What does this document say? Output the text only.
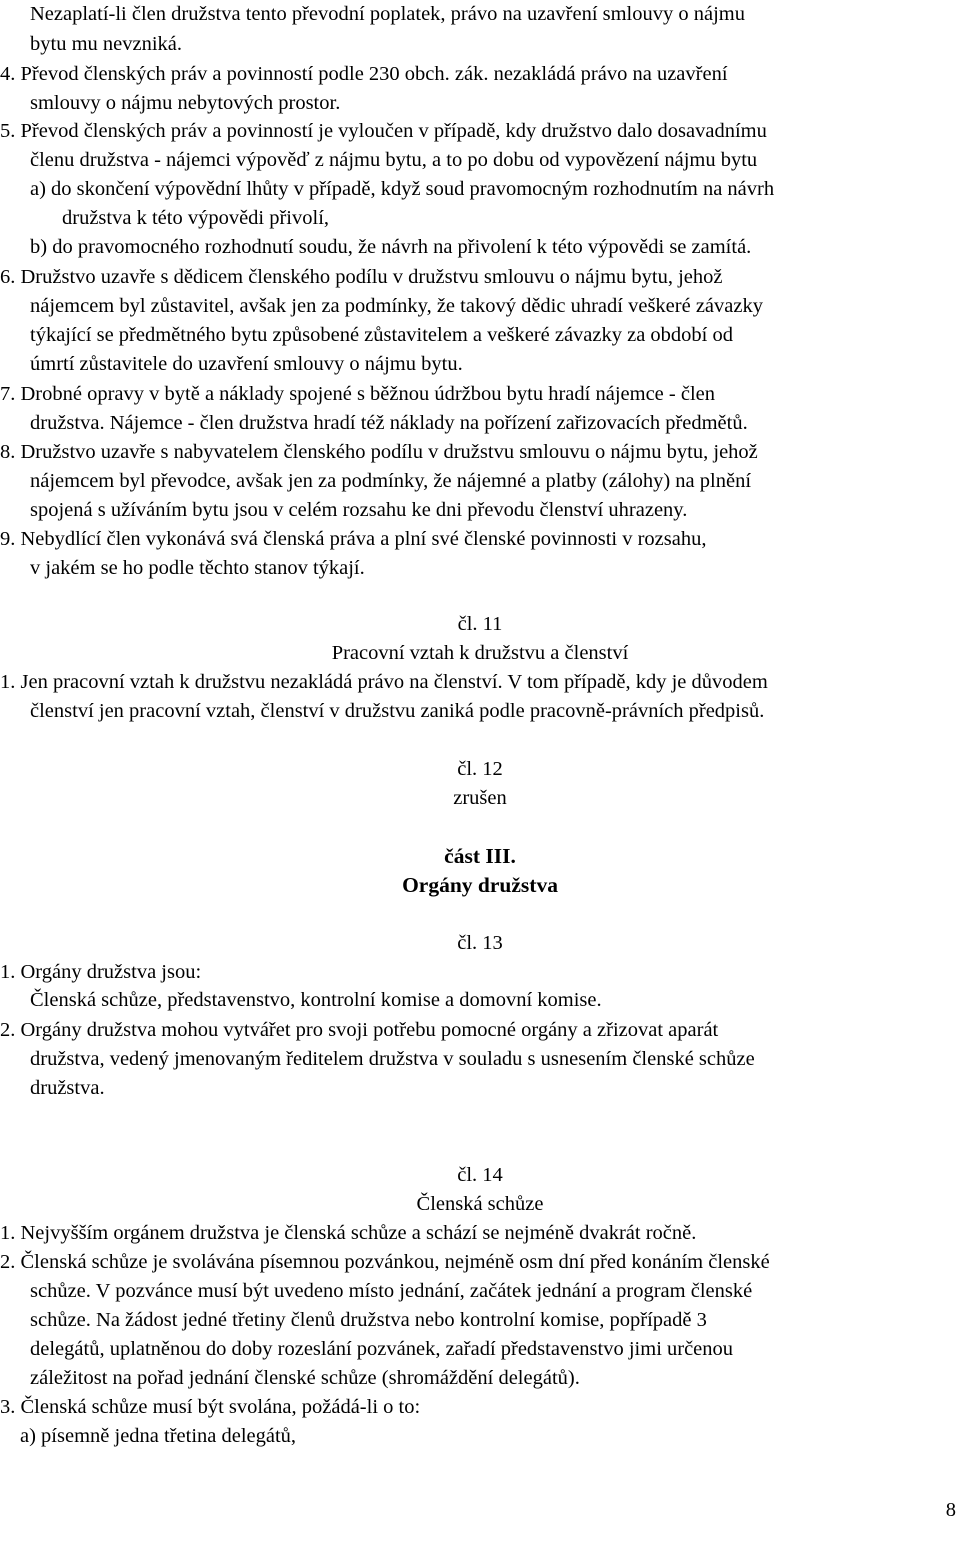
Nezaplatí-li člen družstva tento převodní poplatek, právo na uzavření smlouvy o nájmu
bytu mu nevzniká.
4. Převod členských práv a povinností podle 230 obch. zák. nezakládá právo na uzavření
smlouvy o nájmu nebytových prostor.
5. Převod členských práv a povinností je vyloučen v případě, kdy družstvo dalo dosavadnímu
členu družstva - nájemci výpověď z nájmu bytu, a to po dobu od vypovězení nájmu bytu
a) do skončení výpovědní lhůty v případě, když soud pravomocným rozhodnutím na návrh
družstva k této výpovědi přivolí,
b) do pravomocného rozhodnutí soudu, že návrh na přivolení k této výpovědi se zamítá.
6. Družstvo uzavře s dědicem členského podílu v družstvu smlouvu o nájmu bytu, jehož
nájemcem byl zůstavitel, avšak jen za podmínky, že takový dědic uhradí veškeré závazky
týkající se předmětného bytu způsobené zůstavitelem a veškeré závazky za období od
úmrtí zůstavitele do uzavření smlouvy o nájmu bytu.
7. Drobné opravy v bytě a náklady spojené s běžnou údržbou bytu hradí nájemce - člen
družstva. Nájemce - člen družstva hradí též náklady na pořízení zařizovacích předmětů.
8. Družstvo uzavře s nabyvatelem členského podílu v družstvu smlouvu o nájmu bytu, jehož
nájemcem byl převodce, avšak jen za podmínky, že nájemné a platby (zálohy) na plnění
spojená s užíváním bytu jsou v celém rozsahu ke dni převodu členství uhrazeny.
9. Nebydlící člen vykonává svá členská práva a plní své členské povinnosti v rozsahu,
v jakém se ho podle těchto stanov týkají.
čl. 11
Pracovní vztah k družstvu a členství
1. Jen pracovní vztah k družstvu nezakládá právo na členství. V tom případě, kdy je důvodem
členství jen pracovní vztah, členství v družstvu zaniká podle pracovně-právních předpisů.
čl. 12
zrušen
část III.
Orgány družstva
čl. 13
1. Orgány družstva jsou:
Členská schůze, představenstvo, kontrolní komise a domovní komise.
2. Orgány družstva mohou vytvářet pro svoji potřebu pomocné orgány a zřizovat aparát
družstva, vedený jmenovaným ředitelem družstva v souladu s usnesením členské schůze
družstva.
čl. 14
Členská schůze
1. Nejvyšším orgánem družstva je členská schůze a schází se nejméně dvakrát ročně.
2. Členská schůze je svolávána písemnou pozvánkou, nejméně osm dní před konáním členské
schůze. V pozvánce musí být uvedeno místo jednání, začátek jednání a program členské
schůze. Na žádost jedné třetiny členů družstva nebo kontrolní komise, popřípadě 3
delegátů, uplatněnou do doby rozeslání pozvánek, zařadí představenstvo jimi určenou
záležitost na pořad jednání členské schůze (shromáždění delegátů).
3. Členská schůze musí být svolána, požádá-li o to:
a) písemně jedna třetina delegátů,
8
